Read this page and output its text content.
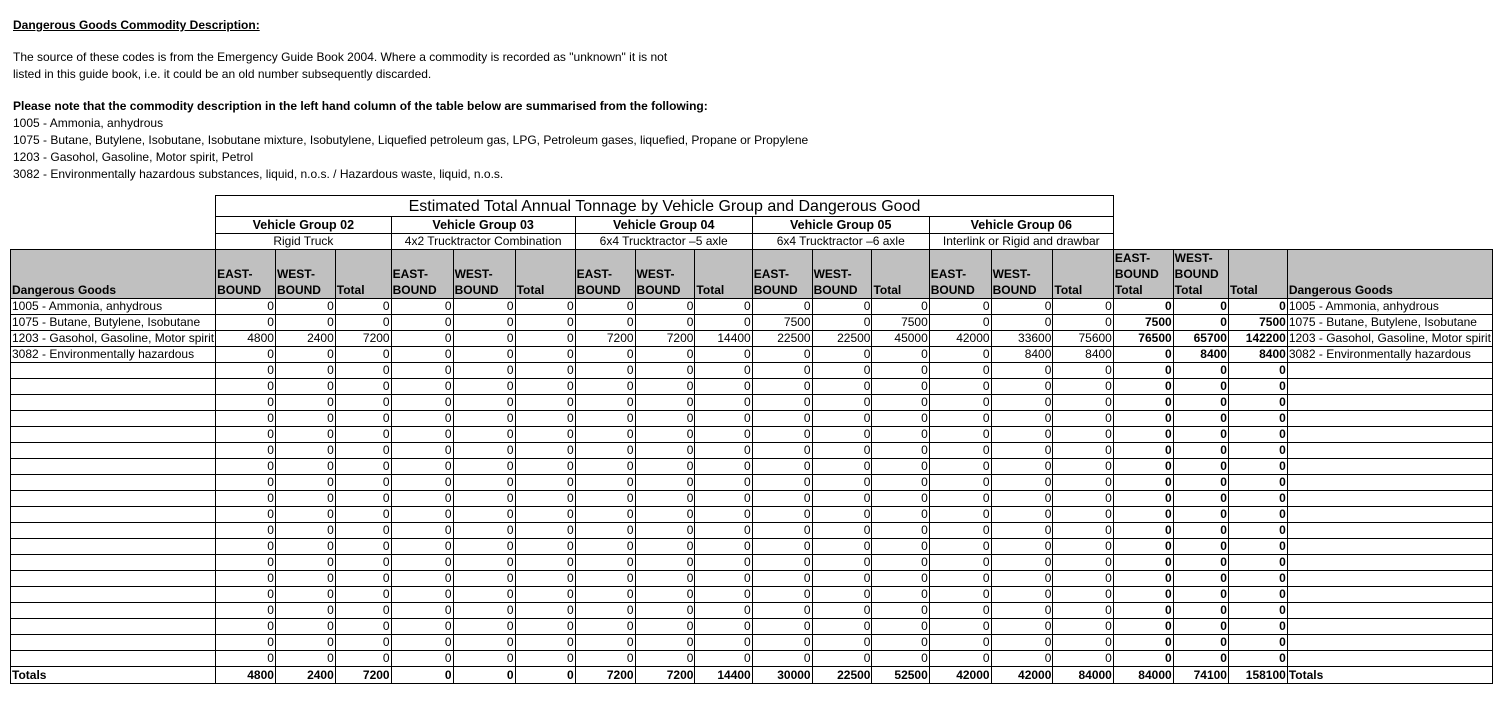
Dangerous Goods Commodity Description:
The source of these codes is from the Emergency Guide Book 2004. Where a commodity is recorded as "unknown" it is not
listed in this guide book, i.e. it could be an old number subsequently discarded.
Please note that the commodity description in the left hand column of the table below are summarised from the following:
1005 - Ammonia, anhydrous
1075 - Butane, Butylene, Isobutane, Isobutane mixture, Isobutylene, Liquefied petroleum gas, LPG, Petroleum gases, liquefied, Propane or Propylene
1203 - Gasohol, Gasoline, Motor spirit, Petrol
3082 - Environmentally hazardous substances, liquid, n.o.s. / Hazardous waste, liquid, n.o.s.
	Estimated Total Annual Tonnage by Vehicle Group and Dangerous Good																		
	Vehicle Group 02			Vehicle Group 03			Vehicle Group 04			Vehicle Group 05			Vehicle Group 06						
	Rigid Truck			4x2 Trucktractor Combination			6x4 Trucktractor –5 axle			6x4 Trucktractor –6 axle			Interlink or Rigid and drawbar						
Dangerous Goods	EAST-BOUND	WEST-BOUND	Total	EAST-BOUND	WEST-BOUND	Total	EAST-BOUND	WEST-BOUND	Total	EAST-BOUND	WEST-BOUND	Total	EAST-BOUND	WEST-BOUND	Total	EAST-BOUND Total	WEST-BOUND Total	Total	Dangerous Goods
1005 - Ammonia, anhydrous	0	0	0	0	0	0	0	0	0	0	0	0	0	0	0	0	0	0	1005 - Ammonia, anhydrous
1075 - Butane, Butylene, Isobutane	0	0	0	0	0	0	0	0	0	7500	0	7500	0	0	0	7500	0	7500	1075 - Butane, Butylene, Isobutane
1203 - Gasohol, Gasoline, Motor spirit	4800	2400	7200	0	0	0	7200	7200	14400	22500	22500	45000	42000	33600	75600	76500	65700	142200	1203 - Gasohol, Gasoline, Motor spirit
3082 - Environmentally hazardous	0	0	0	0	0	0	0	0	0	0	0	0	0	8400	8400	0	8400	8400	3082 - Environmentally hazardous
	0	0	0	0	0	0	0	0	0	0	0	0	0	0	0	0	0	0	
	0	0	0	0	0	0	0	0	0	0	0	0	0	0	0	0	0	0	
	0	0	0	0	0	0	0	0	0	0	0	0	0	0	0	0	0	0	
	0	0	0	0	0	0	0	0	0	0	0	0	0	0	0	0	0	0	
	0	0	0	0	0	0	0	0	0	0	0	0	0	0	0	0	0	0	
	0	0	0	0	0	0	0	0	0	0	0	0	0	0	0	0	0	0	
	0	0	0	0	0	0	0	0	0	0	0	0	0	0	0	0	0	0	
	0	0	0	0	0	0	0	0	0	0	0	0	0	0	0	0	0	0	
	0	0	0	0	0	0	0	0	0	0	0	0	0	0	0	0	0	0	
	0	0	0	0	0	0	0	0	0	0	0	0	0	0	0	0	0	0	
	0	0	0	0	0	0	0	0	0	0	0	0	0	0	0	0	0	0	
	0	0	0	0	0	0	0	0	0	0	0	0	0	0	0	0	0	0	
	0	0	0	0	0	0	0	0	0	0	0	0	0	0	0	0	0	0	
	0	0	0	0	0	0	0	0	0	0	0	0	0	0	0	0	0	0	
	0	0	0	0	0	0	0	0	0	0	0	0	0	0	0	0	0	0	
	0	0	0	0	0	0	0	0	0	0	0	0	0	0	0	0	0	0	
	0	0	0	0	0	0	0	0	0	0	0	0	0	0	0	0	0	0	
	0	0	0	0	0	0	0	0	0	0	0	0	0	0	0	0	0	0	
	0	0	0	0	0	0	0	0	0	0	0	0	0	0	0	0	0	0	
Totals	4800	2400	7200	0	0	0	7200	7200	14400	30000	22500	52500	42000	42000	84000	84000	74100	158100	Totals
